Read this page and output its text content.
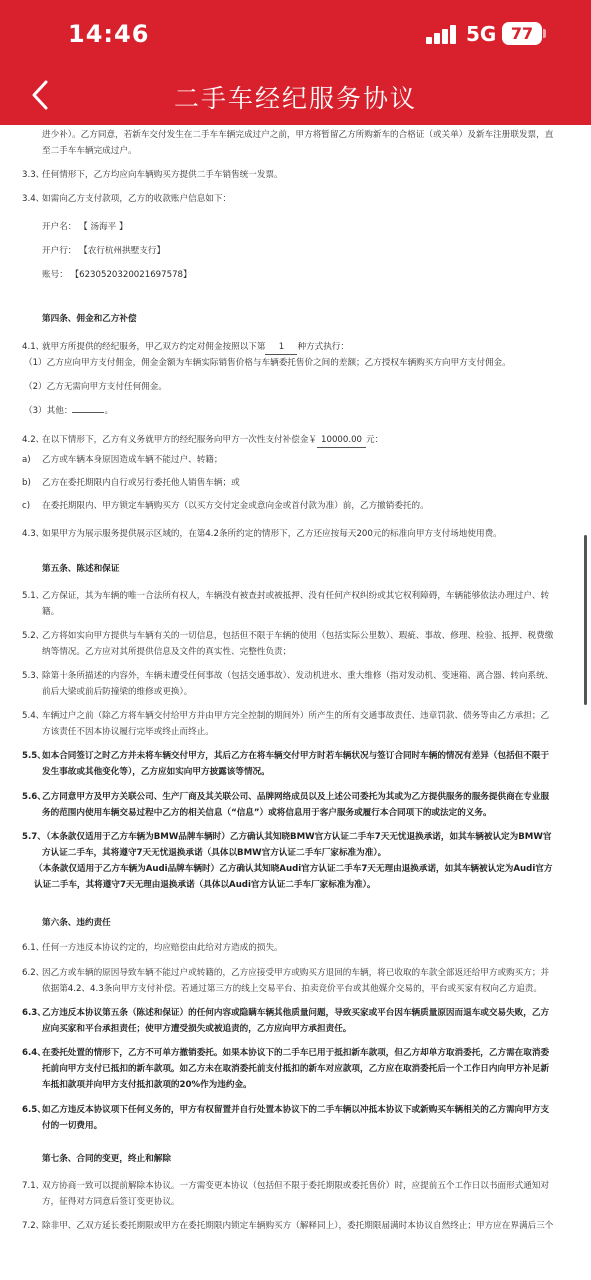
14:46	5G 77
二手车经纪服务协议
进少补）。乙方同意，若新车交付发生在二手车车辆完成过户之前，甲方将暂留乙方所购新车的合格证（或关单）及新车注册联发票，直至二手车车辆完成过户。
3.3、
任何情形下，乙方均应向车辆购买方提供二手车销售统一发票。
3.4、
如需向乙方支付款项，乙方的收款账户信息如下：
开户名： 【 汤海平 】
开户行： 【农行杭州拱墅支行】
账号： 【6230520320021697578】
第四条、佣金和乙方补偿
4.1、
就甲方所提供的经纪服务，甲乙双方约定对佣金按照以下第 1 种方式执行：
（1）乙方应向甲方支付佣金，佣金金额为车辆实际销售价格与车辆委托售价之间的差额；乙方授权车辆购买方向甲方支付佣金。
（2）乙方无需向甲方支付任何佣金。
（3）其他：	。
4.2、
在以下情形下，乙方有义务就甲方的经纪服务向甲方一次性支付补偿金￥ 10000.00 元：
a) 乙方或车辆本身原因造成车辆不能过户、转籍；
b) 乙方在委托期限内自行或另行委托他人销售车辆；或
c) 在委托期限内、甲方锁定车辆购买方（以买方交付定金或意向金或首付款为准）前，乙方撤销委托的。
4.3、
如果甲方为展示服务提供展示区域的，在第4.2条所约定的情形下，乙方还应按每天200元的标准向甲方支付场地使用费。
第五条、陈述和保证
5.1、
乙方保证，其为车辆的唯一合法所有权人，车辆没有被查封或被抵押、没有任何产权纠纷或其它权利障碍，车辆能够依法办理过户、转籍。
5.2、
乙方将如实向甲方提供与车辆有关的一切信息，包括但不限于车辆的使用（包括实际公里数）、瑕疵、事故、修理、检验、抵押、税费缴纳等情况。乙方应对其所提供信息及文件的真实性、完整性负责；
5.3、
除第十条所描述的内容外，车辆未遭受任何事故（包括交通事故）、发动机进水、重大维修（指对发动机、变速箱、离合器、转向系统、前后大梁或前后防撞梁的维修或更换）。
5.4、
车辆过户之前（除乙方将车辆交付给甲方并由甲方完全控制的期间外）所产生的所有交通事故责任、违章罚款、债务等由乙方承担；乙方该责任不因本协议履行完毕或终止而终止。
5.5、
如本合同签订之时乙方并未将车辆交付甲方，其后乙方在将车辆交付甲方时若车辆状况与签订合同时车辆的情况有差异（包括但不限于发生事故或其他变化等），乙方应如实向甲方披露该等情况。
5.6、
乙方同意甲方及甲方关联公司、生产厂商及其关联公司、品牌网络成员以及上述公司委托为其或为乙方提供服务的服务提供商在专业服务的范围内使用车辆交易过程中乙方的相关信息（“信息”）或将信息用于客户服务或履行本合同项下的或法定的义务。
5.7、
（本条款仅适用于乙方车辆为BMW品牌车辆时）乙方确认其知晓BMW官方认证二手车7天无忧退换承诺，如其车辆被认定为BMW官方认证二手车，其将遵守7天无忧退换承诺（具体以BMW官方认证二手车厂家标准为准）。
（本条款仅适用于乙方车辆为Audi品牌车辆时）乙方确认其知晓Audi官方认证二手车7天无理由退换承诺，如其车辆被认定为Audi官方认证二手车，其将遵守7天无理由退换承诺（具体以Audi官方认证二手车厂家标准为准）。
第六条、违约责任
6.1、
任何一方违反本协议约定的，均应赔偿由此给对方造成的损失。
6.2、
因乙方或车辆的原因导致车辆不能过户或转籍的，乙方应接受甲方或购买方退回的车辆，将已收取的车款全部返还给甲方或购买方；并依据第4.2、4.3条向甲方支付补偿。若通过第三方的线上交易平台、拍卖竞价平台或其他媒介交易的，平台或买家有权向乙方追责。
6.3、
乙方违反本协议第五条（陈述和保证）的任何内容或隐瞒车辆其他质量问题，导致买家或平台因车辆质量原因而退车或交易失败，乙方应向买家和平台承担责任；使甲方遭受损失或被追责的，乙方应向甲方承担责任。
6.4、
在委托处置的情形下，乙方不可单方撤销委托。如果本协议下的二手车已用于抵扣新车款项，但乙方却单方取消委托，乙方需在取消委托前向甲方支付已抵扣的新车款项。如乙方未在取消委托前支付抵扣的新车对应款项，乙方应在取消委托后一个工作日内向甲方补足新车抵扣款项并向甲方支付抵扣款项的20%作为违约金。
6.5、
如乙方违反本协议项下任何义务的，甲方有权留置并自行处置本协议下的二手车辆以冲抵本协议下或新购买车辆相关的乙方需向甲方支付的一切费用。
第七条、合同的变更，终止和解除
7.1、
双方协商一致可以提前解除本协议。一方需变更本协议（包括但不限于委托期限或委托售价）时，应提前五个工作日以书面形式通知对方，征得对方同意后签订变更协议。
7.2、
除非甲、乙双方延长委托期限或甲方在委托期限内锁定车辆购买方（解释同上），委托期限届满时本协议自然终止；甲方应在界满后三个
